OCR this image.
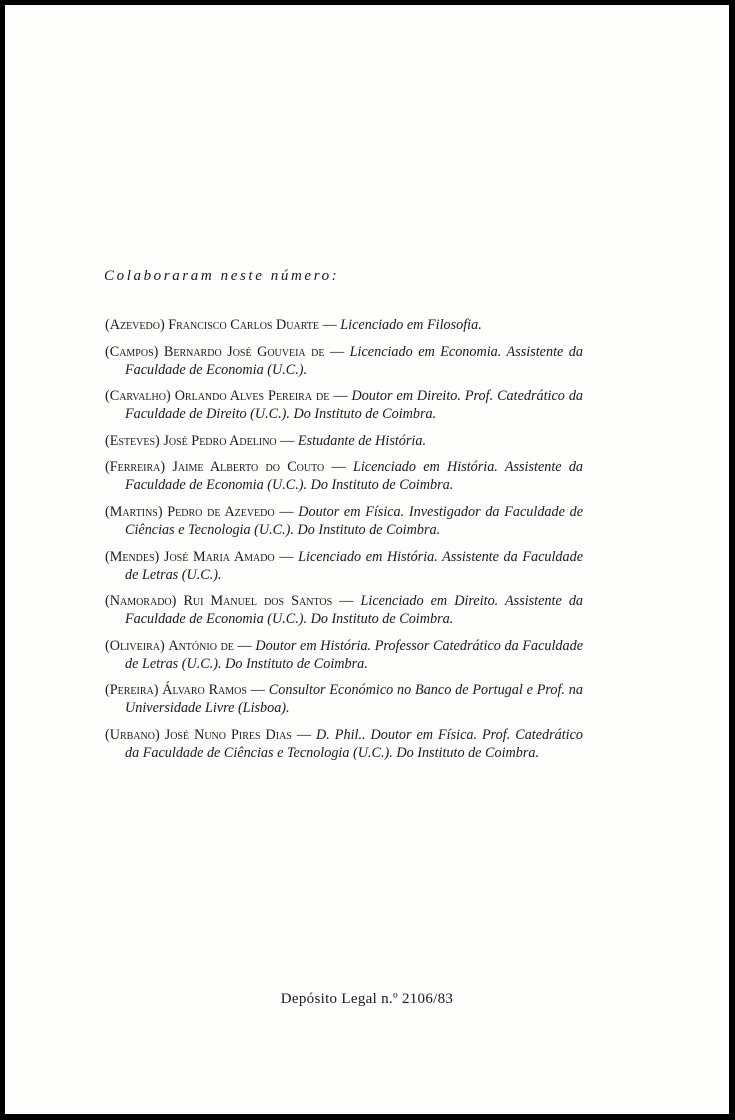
Colaboraram neste número:
(Azevedo) Francisco Carlos Duarte — Licenciado em Filosofia.
(Campos) Bernardo José Gouveia de — Licenciado em Economia. Assistente da Faculdade de Economia (U.C.).
(Carvalho) Orlando Alves Pereira de — Doutor em Direito. Prof. Catedrático da Faculdade de Direito (U.C.). Do Instituto de Coimbra.
(Esteves) José Pedro Adelino — Estudante de História.
(Ferreira) Jaime Alberto do Couto — Licenciado em História. Assistente da Faculdade de Economia (U.C.). Do Instituto de Coimbra.
(Martins) Pedro de Azevedo — Doutor em Física. Investigador da Faculdade de Ciências e Tecnologia (U.C.). Do Instituto de Coimbra.
(Mendes) José Maria Amado — Licenciado em História. Assistente da Faculdade de Letras (U.C.).
(Namorado) Rui Manuel dos Santos — Licenciado em Direito. Assistente da Faculdade de Economia (U.C.). Do Instituto de Coimbra.
(Oliveira) António de — Doutor em História. Professor Catedrático da Faculdade de Letras (U.C.). Do Instituto de Coimbra.
(Pereira) Álvaro Ramos — Consultor Económico no Banco de Portugal e Prof. na Universidade Livre (Lisboa).
(Urbano) José Nuno Pires Dias — D. Phil.. Doutor em Física. Prof. Catedrático da Faculdade de Ciências e Tecnologia (U.C.). Do Instituto de Coimbra.
Depósito Legal n.º 2106/83
